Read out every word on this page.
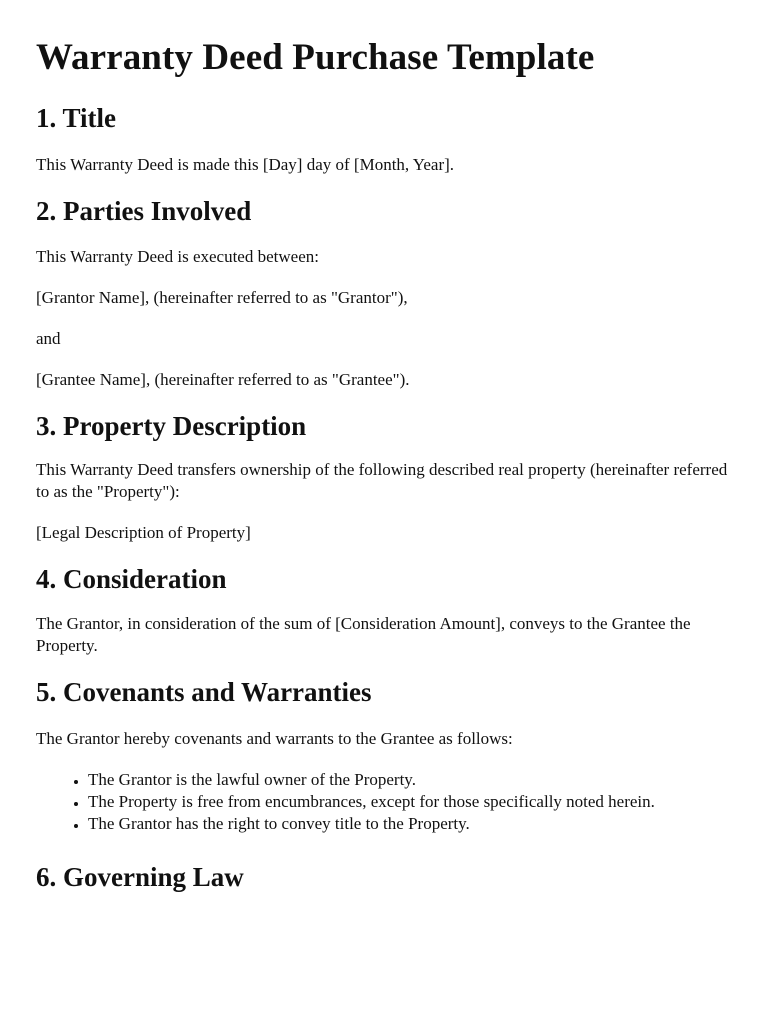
Warranty Deed Purchase Template
1. Title

This Warranty Deed is made this [Day] day of [Month, Year].

2. Parties Involved

This Warranty Deed is executed between:

[Grantor Name], (hereinafter referred to as "Grantor"),

and

[Grantee Name], (hereinafter referred to as "Grantee").

3. Property Description

This Warranty Deed transfers ownership of the following described real property (hereinafter referred to as the "Property"):

[Legal Description of Property]

4. Consideration

The Grantor, in consideration of the sum of [Consideration Amount], conveys to the Grantee the Property.

5. Covenants and Warranties

The Grantor hereby covenants and warrants to the Grantee as follows:

• The Grantor is the lawful owner of the Property.
• The Property is free from encumbrances, except for those specifically noted herein.
• The Grantor has the right to convey title to the Property.
6. Governing Law
